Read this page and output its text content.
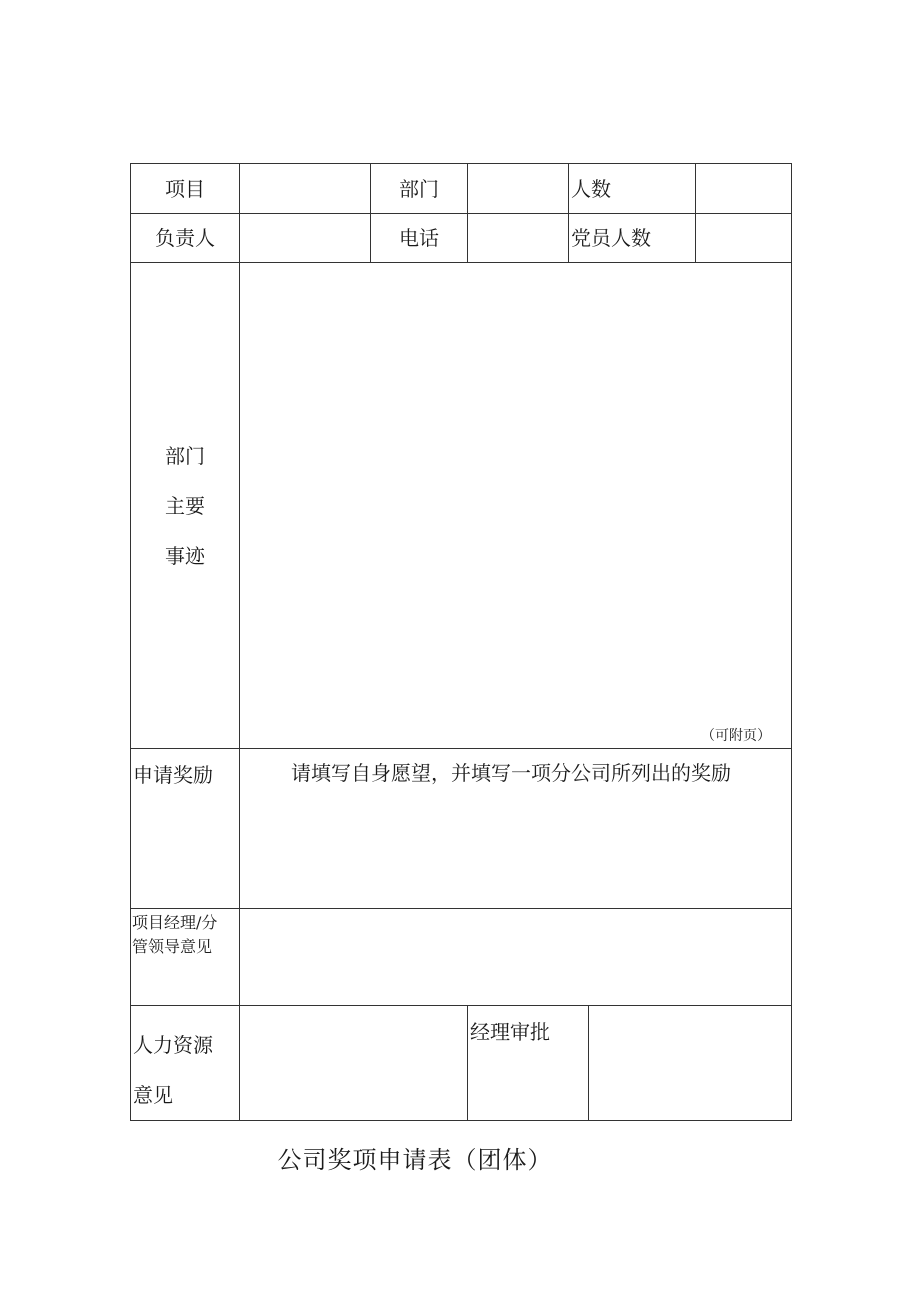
项目		部门		人数		
负责人		电话		党员人数		

部门
主要
事迹	（可附页）					

申请奖励	请填写自身愿望，并填写一项分公司所列出的奖励					
项目经理/分
管领导意见						

人力资源
意见			经理审批			
公司奖项申请表（团体）
